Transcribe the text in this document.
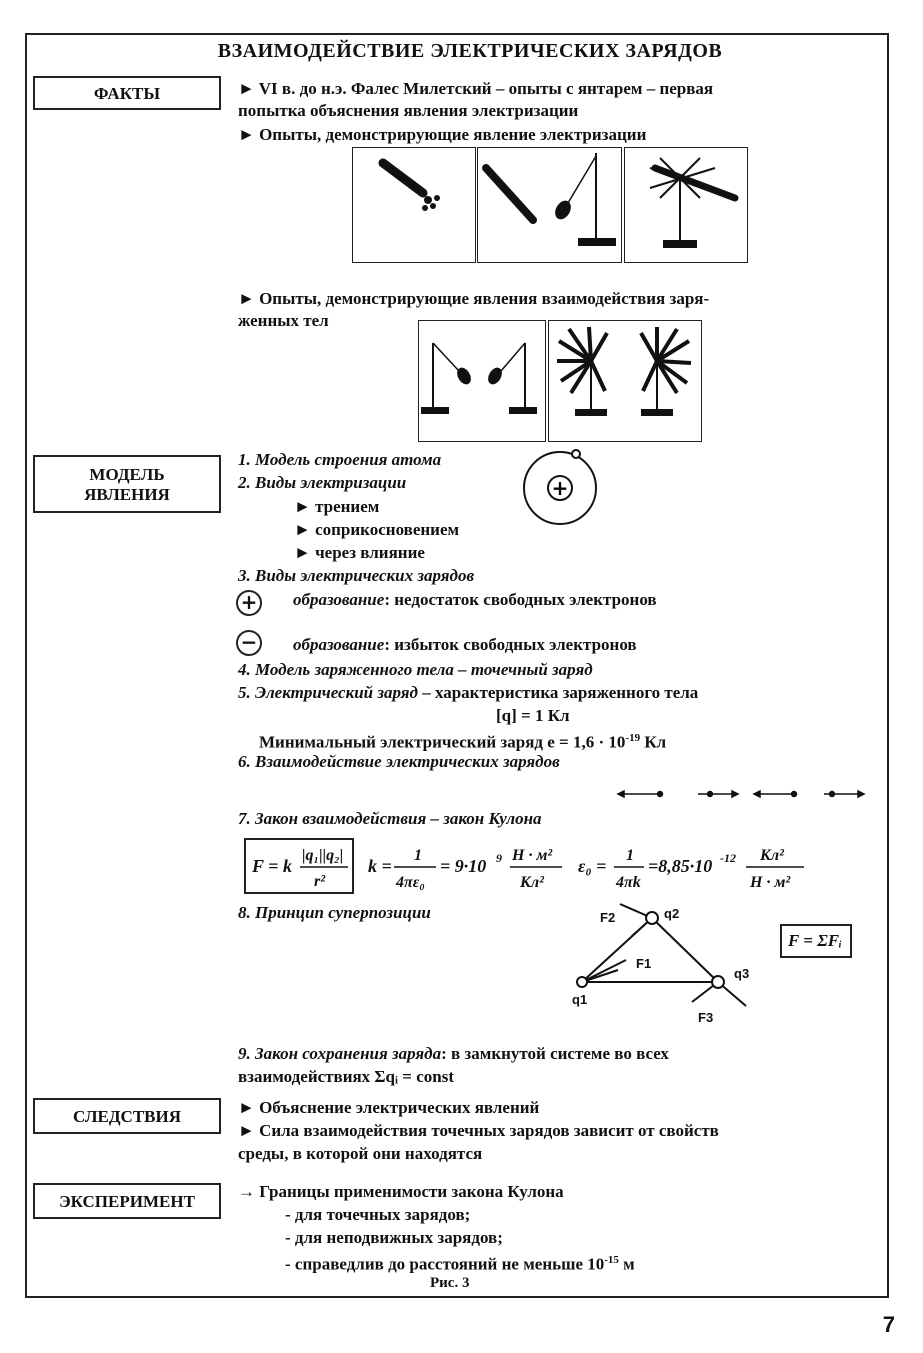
ВЗАИМОДЕЙСТВИЕ ЭЛЕКТРИЧЕСКИХ ЗАРЯДОВ
ФАКТЫ
МОДЕЛЬ ЯВЛЕНИЯ
СЛЕДСТВИЯ
ЭКСПЕРИМЕНТ
► VI в. до н.э. Фалес Милетский – опыты с янтарем – первая
попытка объяснения явления электризации
► Опыты, демонстрирующие явление электризации
► Опыты, демонстрирующие явления взаимодействия заря-
женных тел
1. Модель строения атома
+
2. Виды электризации
► трением
► соприкосновением
► через влияние
3. Виды электрических зарядов
+ образование: недостаток свободных электронов
− образование: избыток свободных электронов
4. Модель заряженного тела – точечный заряд
5. Электрический заряд – характеристика заряженного тела
[q] = 1 Кл
Минимальный электрический заряд $e = 1,6 \cdot 10^{-19}$ Кл
6. Взаимодействие электрических зарядов
7. Закон взаимодействия – закон Кулона
F = k
|q₁||q₂|
r²
k =
1
4πε₀
= 9·10 9 Н · м²
Кл²
ε₀ =
1
4πk
=8,85·10 -12 Кл²
Н · м²
8. Принцип суперпозиции	q2
F2
F1
q1
q3
F3
F = ΣFᵢ
9. Закон сохранения заряда: в замкнутой системе во всех
взаимодействиях Σqᵢ = const
► Объяснение электрических явлений
► Сила взаимодействия точечных зарядов зависит от свойств
среды, в которой они находятся
→ Границы применимости закона Кулона
- для точечных зарядов;
- для неподвижных зарядов;
- справедлив до расстояний не меньше $10^{-15}$ м
Рис. 3
7
